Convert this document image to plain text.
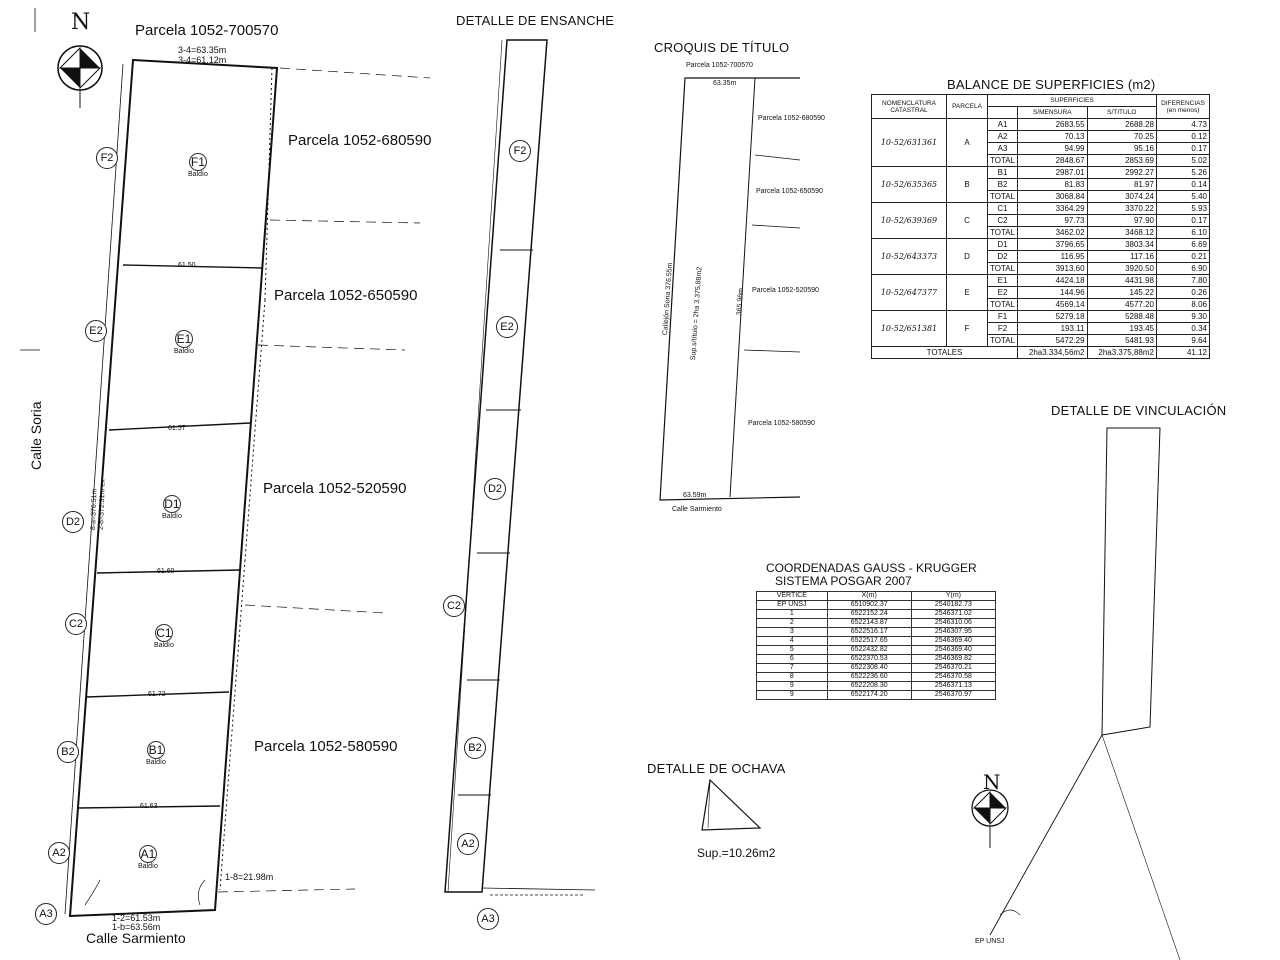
N	Parcela 1052-700570
3-4=63.35m
3-4=61.12m
Parcela 1052-680590
Parcela 1052-650590
Parcela 1052-520590
Parcela 1052-580590
1-8=21.98m
1-2=61.53m
1-b=63.56m
Calle Sarmiento
Calle Soria
8-a=376.51m 2-8=372.31m ex
F1
Baldío
E1
Baldío
D1
Baldío
C1
Baldío
B1
Baldío
A1
Baldío
61.50
61.57
61.60
61.72
61.63
F2
E2
D2
C2
B2
A2
A3
DETALLE DE ENSANCHE
F2
E2
D2
C2
B2
A2
A3
CROQUIS DE TÍTULO
Parcela 1052-700570
63.35m
Parcela 1052-680590
Parcela 1052-650590
Parcela 1052-520590
Parcela 1052-580590
Callejón Soria 376.55m Sup.s/título = 2ha 3.375,88m2	365.96m
63.59m
Calle Sarmiento
BALANCE DE SUPERFICIES (m2)
NOMENCLATURA CATASTRAL	PARCELA	SUPERFICIES			DIFERENCIAS
(en menos)
			S/MENSURA	S/TITULO	
10-52/631361	A	A1	2683.55	2688.28	4.73
		A2	70.13	70.25	0.12
		A3	94.99	95.16	0.17
		TOTAL	2848.67	2853.69	5.02
10-52/635365	B	B1	2987.01	2992.27	5.26
		B2	81.83	81.97	0.14
		TOTAL	3068.84	3074.24	5.40
10-52/639369	C	C1	3364.29	3370.22	5.93
		C2	97.73	97.90	0.17
		TOTAL	3462.02	3468.12	6.10
10-52/643373	D	D1	3796.65	3803.34	6.69
		D2	116.95	117.16	0.21
		TOTAL	3913.60	3920.50	6.90
10-52/647377	E	E1	4424.18	4431.98	7.80
		E2	144.96	145.22	0.26
		TOTAL	4569.14	4577.20	8.06
10-52/651381	F	F1	5279.18	5288.48	9.30
		F2	193.11	193.45	0.34
		TOTAL	5472.29	5481.93	9.64
TOTALES			2ha3.334,56m2	2ha3.375,88m2	41.12
DETALLE DE VINCULACIÓN
N
EP UNSJ
COORDENADAS GAUSS - KRUGGER
SISTEMA POSGAR 2007
VERTICE	X(m)	Y(m)
EP UNSJ	6510902.37	2540182.73
1	6522152.24	2546371.02
2	6522143.87	2546310.06
3	6522516.17	2546307.95
4	6522517.65	2546369.40
5	6522432.82	2546369.40
6	6522370.53	2546369.82
7	6522308.40	2546370.21
8	6522236.60	2546370.58
9	6522208.30	2546371.13
9	6522174.20	2546370.97
DETALLE DE OCHAVA
Sup.=10.26m2
